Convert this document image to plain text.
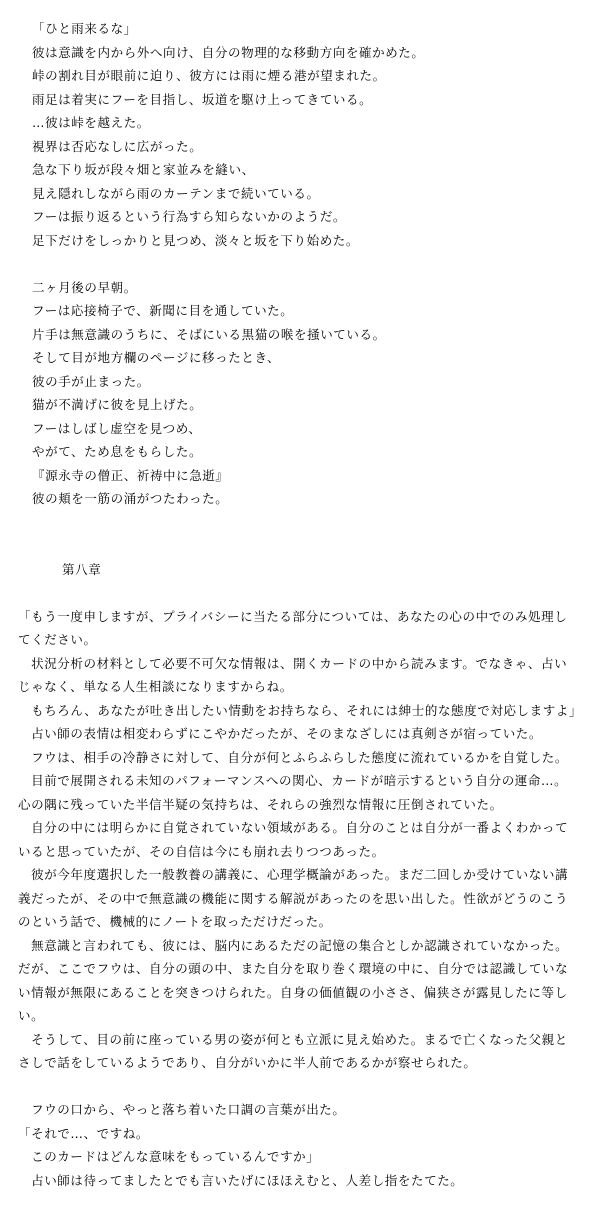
「ひと雨来るな」
彼は意識を内から外へ向け、自分の物理的な移動方向を確かめた。
峠の割れ目が眼前に迫り、彼方には雨に煙る港が望まれた。
雨足は着実にフーを目指し、坂道を駆け上ってきている。
…彼は峠を越えた。
視界は否応なしに広がった。
急な下り坂が段々畑と家並みを縫い、
見え隠れしながら雨のカーテンまで続いている。
フーは振り返るという行為すら知らないかのようだ。
足下だけをしっかりと見つめ、淡々と坂を下り始めた。
二ヶ月後の早朝。
フーは応接椅子で、新聞に目を通していた。
片手は無意識のうちに、そばにいる黒猫の喉を掻いている。
そして目が地方欄のページに移ったとき、
彼の手が止まった。
猫が不満げに彼を見上げた。
フーはしばし虚空を見つめ、
やがて、ため息をもらした。
『源永寺の僧正、祈祷中に急逝』
彼の頬を一筋の涌がつたわった。
第八章
「もう一度申しますが、プライバシーに当たる部分については、あなたの心の中でのみ処理し
てください。
　状況分析の材料として必要不可欠な情報は、開くカードの中から読みます。でなきゃ、占い
じゃなく、単なる人生相談になりますからね。
　もちろん、あなたが吐き出したい情動をお持ちなら、それには紳士的な態度で対応しますよ」
　占い師の表情は相変わらずにこやかだったが、そのまなざしには真剣さが宿っていた。
　フウは、相手の冷静さに対して、自分が何とふらふらした態度に流れているかを自覚した。
　目前で展開される未知のパフォーマンスへの関心、カードが暗示するという自分の運命…。
心の隅に残っていた半信半疑の気持ちは、それらの強烈な情報に圧倒されていた。
　自分の中には明らかに自覚されていない領域がある。自分のことは自分が一番よくわかって
いると思っていたが、その自信は今にも崩れ去りつつあった。
　彼が今年度選択した一般教養の講義に、心理学概論があった。まだ二回しか受けていない講
義だったが、その中で無意識の機能に関する解説があったのを思い出した。性欲がどうのこう
のという話で、機械的にノートを取っただけだった。
　無意識と言われても、彼には、脳内にあるただの記憶の集合としか認識されていなかった。
だが、ここでフウは、自分の頭の中、また自分を取り巻く環境の中に、自分では認識していな
い情報が無限にあることを突きつけられた。自身の価値観の小ささ、偏狭さが露見したに等し
い。
　そうして、目の前に座っている男の姿が何とも立派に見え始めた。まるで亡くなった父親と
さしで話をしているようであり、自分がいかに半人前であるかが察せられた。
　フウの口から、やっと落ち着いた口調の言葉が出た。
「それで…、ですね。
　このカードはどんな意味をもっているんですか」
　占い師は待ってましたとでも言いたげにほほえむと、人差し指をたてた。
